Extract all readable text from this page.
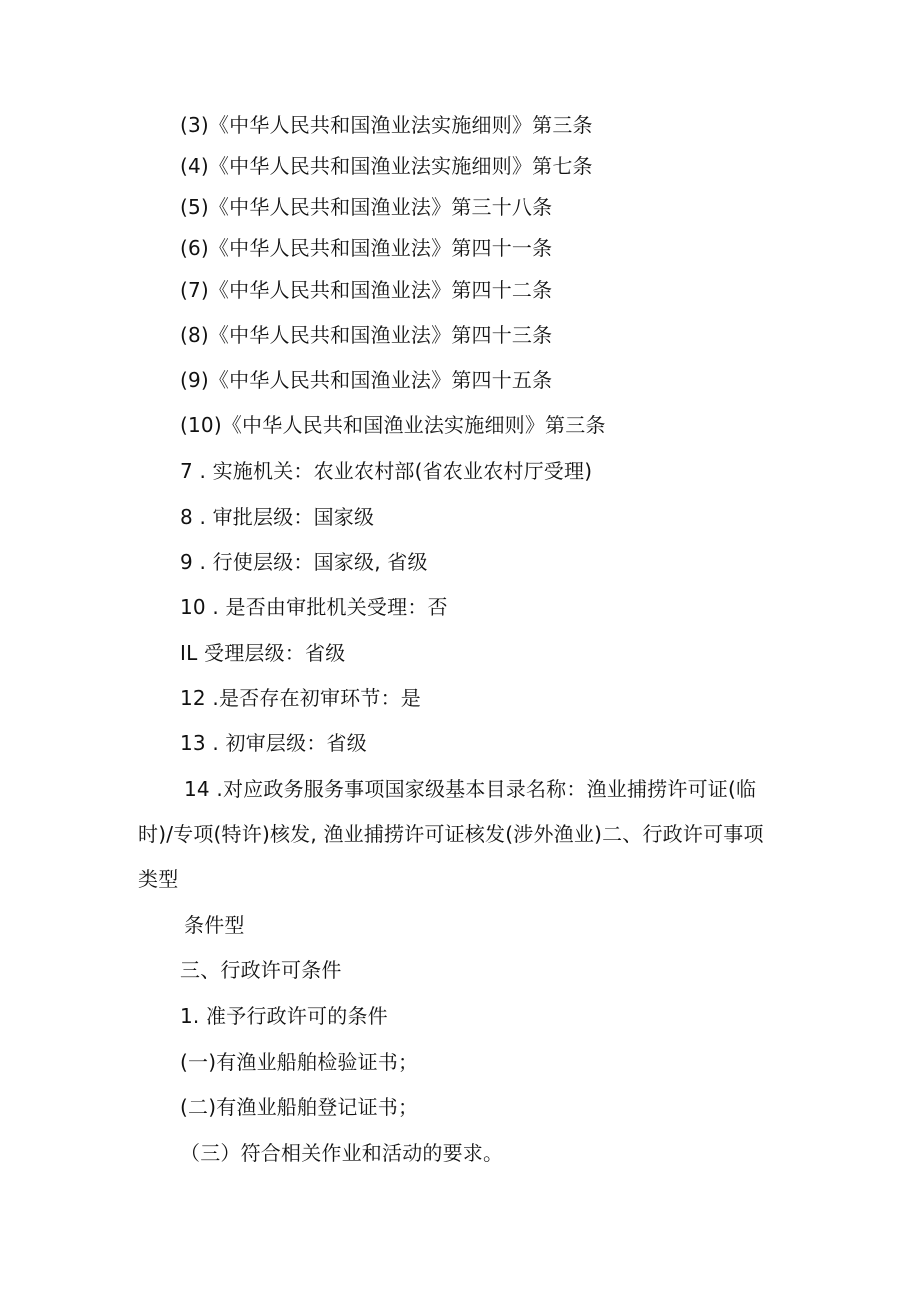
(3)《中华人民共和国渔业法实施细则》第三条
(4)《中华人民共和国渔业法实施细则》第七条
(5)《中华人民共和国渔业法》第三十八条
(6)《中华人民共和国渔业法》第四十一条
(7)《中华人民共和国渔业法》第四十二条
(8)《中华人民共和国渔业法》第四十三条
(9)《中华人民共和国渔业法》第四十五条
(10)《中华人民共和国渔业法实施细则》第三条
7 . 实施机关：农业农村部(省农业农村厅受理)
8 . 审批层级：国家级
9 . 行使层级：国家级, 省级
10 . 是否由审批机关受理：否
IL 受理层级：省级
12 .是否存在初审环节：是
13 . 初审层级：省级
14 .对应政务服务事项国家级基本目录名称：渔业捕捞许可证(临
时)/专项(特许)核发, 渔业捕捞许可证核发(涉外渔业)二、行政许可事项
类型
条件型
三、行政许可条件
1. 准予行政许可的条件
(一)有渔业船舶检验证书；
(二)有渔业船舶登记证书；
（三）符合相关作业和活动的要求。
